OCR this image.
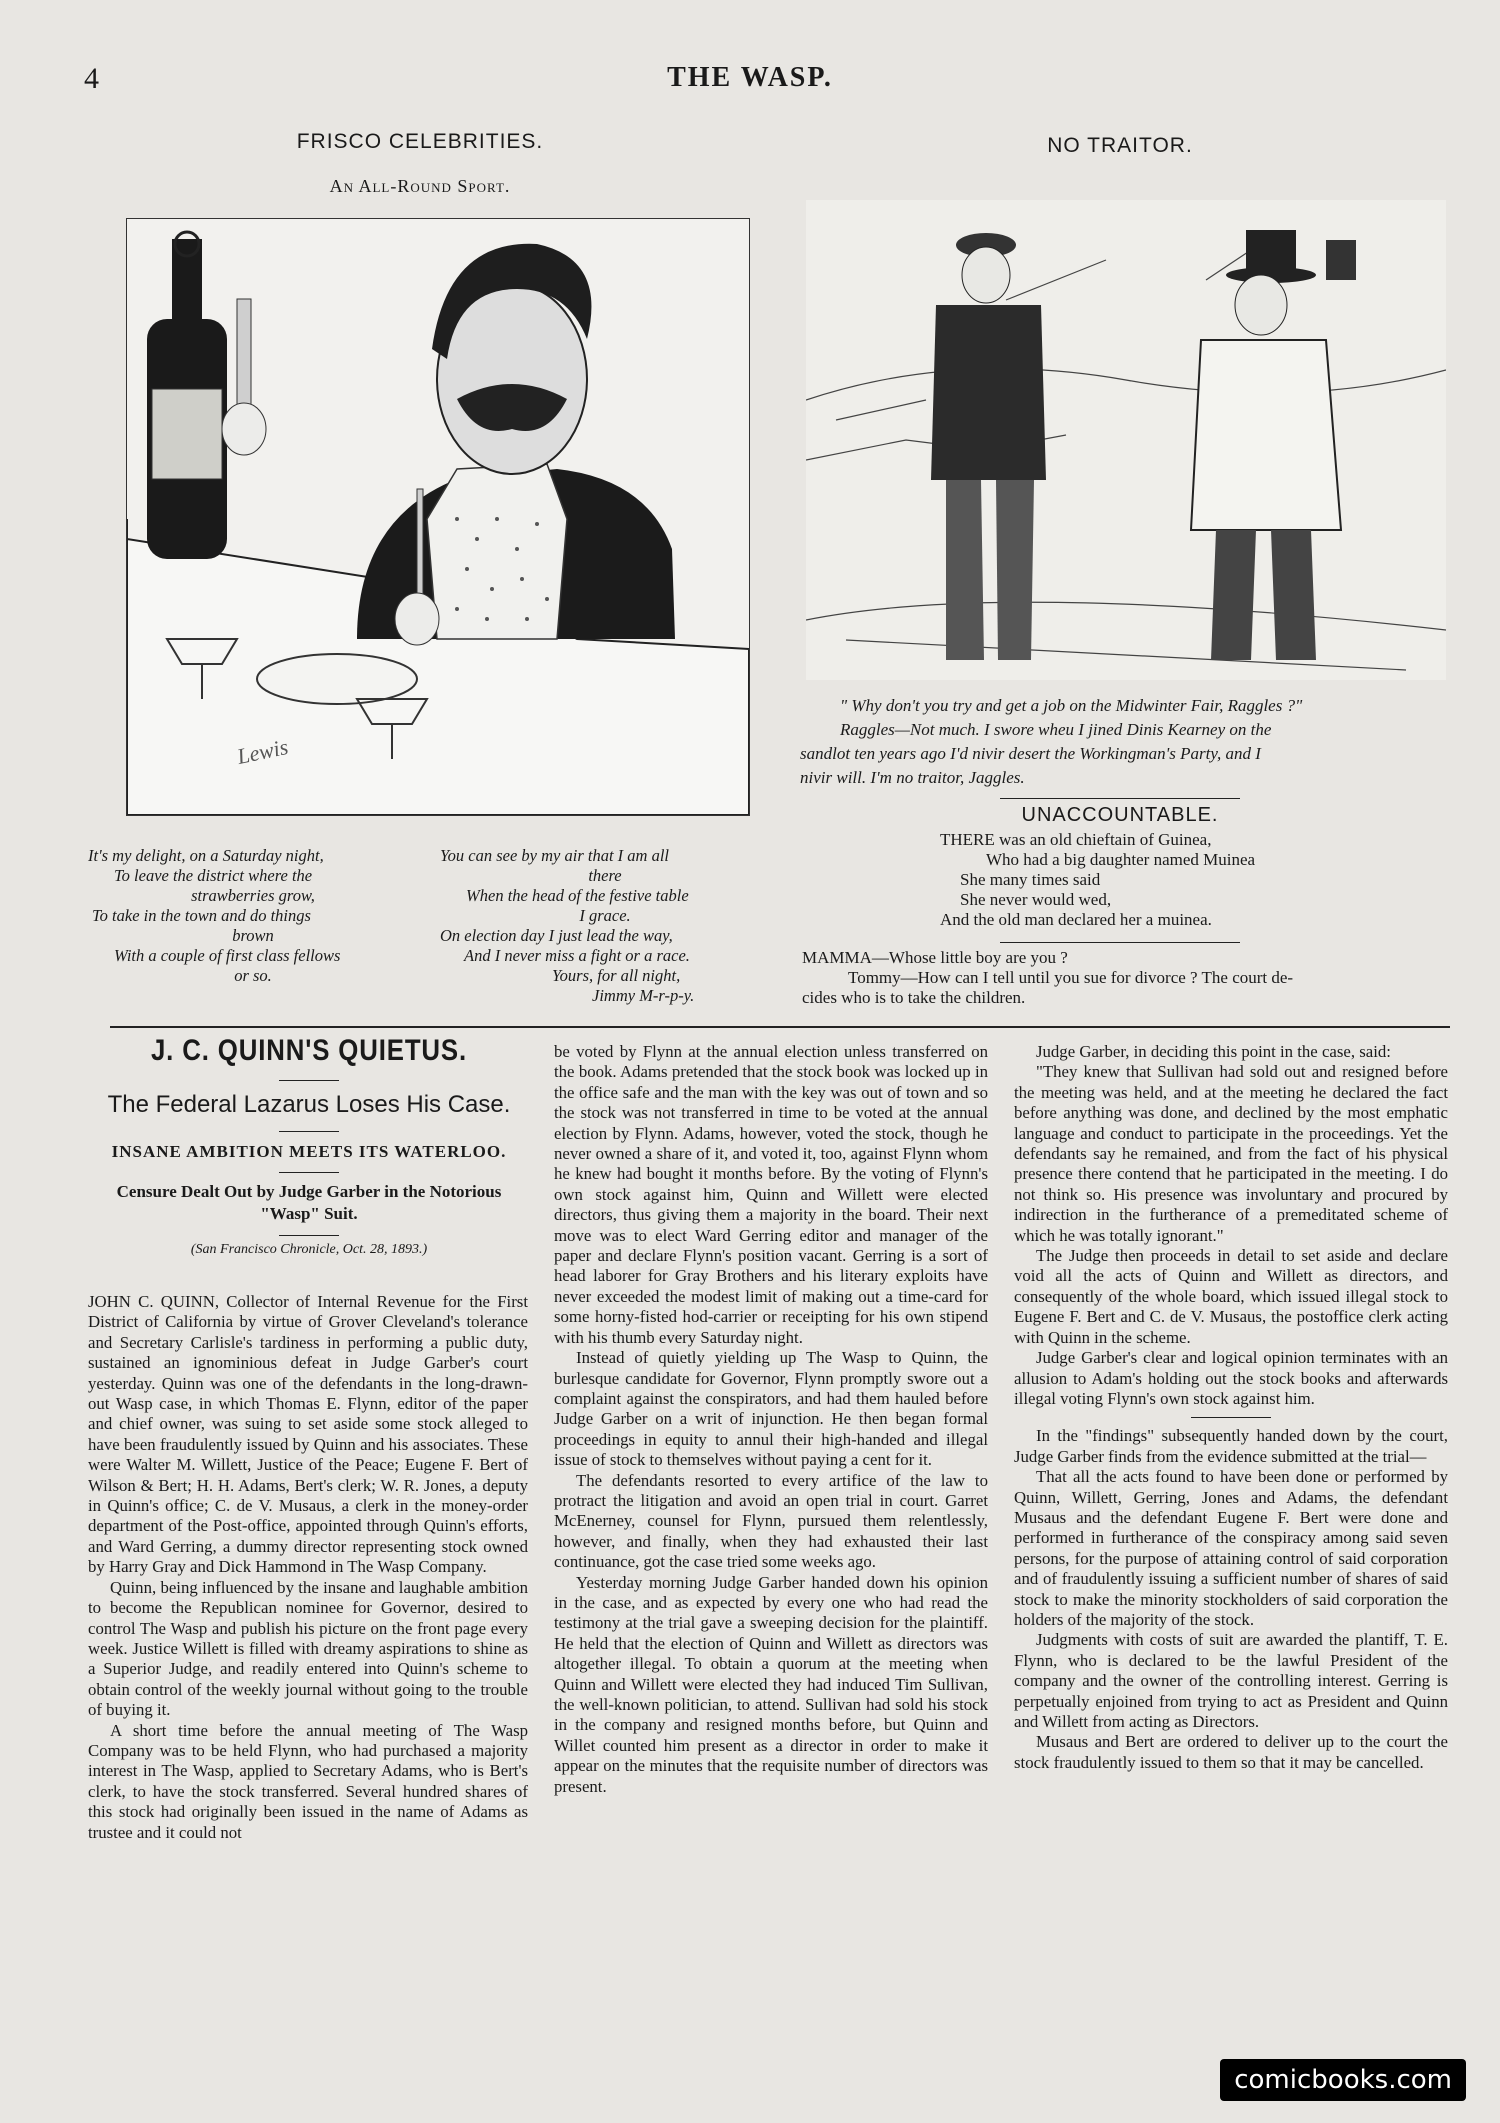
4	THE WASP.
FRISCO CELEBRITIES.
An All-Round Sport.
Lewis

It's my delight, on a Saturday night,

To leave the district where the

strawberries grow,

To take in the town and do things

brown

With a couple of first class fellows

or so.

You can see by my air that I am all

there

When the head of the festive table

I grace.

On election day I just lead the way,

And I never miss a fight or a race.

Yours, for all night,

Jimmy M-r-p-y.

NO TRAITOR.
" Why don't you try and get a job on the Midwinter Fair, Raggles ?"
Raggles—Not much. I swore wheu I jined Dinis Kearney on the
sandlot ten years ago I'd nivir desert the Workingman's Party, and I
nivir will. I'm no traitor, Jaggles.
UNACCOUNTABLE.
THERE was an old chieftain of Guinea,
Who had a big daughter named Muinea
She many times said
She never would wed,
And the old man declared her a muinea.
MAMMA—Whose little boy are you ?
Tommy—How can I tell until you sue for divorce ? The court de-
cides who is to take the children.
J. C. QUINN'S QUIETUS.
The Federal Lazarus Loses His Case.
INSANE AMBITION MEETS ITS WATERLOO.
Censure Dealt Out by Judge Garber in the Notorious "Wasp" Suit.
(San Francisco Chronicle, Oct. 28, 1893.)

JOHN C. QUINN, Collector of Internal Revenue for the First District of California by virtue of Grover Cleveland's tolerance and Secretary Carlisle's tardiness in performing a public duty, sustained an ignominious defeat in Judge Garber's court yesterday. Quinn was one of the defendants in the long-drawn-out Wasp case, in which Thomas E. Flynn, editor of the paper and chief owner, was suing to set aside some stock alleged to have been fraudulently issued by Quinn and his associates. These were Walter M. Willett, Justice of the Peace; Eugene F. Bert of Wilson & Bert; H. H. Adams, Bert's clerk; W. R. Jones, a deputy in Quinn's office; C. de V. Musaus, a clerk in the money-order department of the Post-office, appointed through Quinn's efforts, and Ward Gerring, a dummy director representing stock owned by Harry Gray and Dick Hammond in The Wasp Company.

Quinn, being influenced by the insane and laughable ambition to become the Republican nominee for Governor, desired to control The Wasp and publish his picture on the front page every week. Justice Willett is filled with dreamy aspirations to shine as a Superior Judge, and readily entered into Quinn's scheme to obtain control of the weekly journal without going to the trouble of buying it.

A short time before the annual meeting of The Wasp Company was to be held Flynn, who had purchased a majority interest in The Wasp, applied to Secretary Adams, who is Bert's clerk, to have the stock transferred. Several hundred shares of this stock had originally been issued in the name of Adams as trustee and it could not

be voted by Flynn at the annual election unless transferred on the book. Adams pretended that the stock book was locked up in the office safe and the man with the key was out of town and so the stock was not transferred in time to be voted at the annual election by Flynn. Adams, however, voted the stock, though he never owned a share of it, and voted it, too, against Flynn whom he knew had bought it months before. By the voting of Flynn's own stock against him, Quinn and Willett were elected directors, thus giving them a majority in the board. Their next move was to elect Ward Gerring editor and manager of the paper and declare Flynn's position vacant. Gerring is a sort of head laborer for Gray Brothers and his literary exploits have never exceeded the modest limit of making out a time-card for some horny-fisted hod-carrier or receipting for his own stipend with his thumb every Saturday night.

Instead of quietly yielding up The Wasp to Quinn, the burlesque candidate for Governor, Flynn promptly swore out a complaint against the conspirators, and had them hauled before Judge Garber on a writ of injunction. He then began formal proceedings in equity to annul their high-handed and illegal issue of stock to themselves without paying a cent for it.

The defendants resorted to every artifice of the law to protract the litigation and avoid an open trial in court. Garret McEnerney, counsel for Flynn, pursued them relentlessly, however, and finally, when they had exhausted their last continuance, got the case tried some weeks ago.

Yesterday morning Judge Garber handed down his opinion in the case, and as expected by every one who had read the testimony at the trial gave a sweeping decision for the plaintiff. He held that the election of Quinn and Willett as directors was altogether illegal. To obtain a quorum at the meeting when Quinn and Willett were elected they had induced Tim Sullivan, the well-known politician, to attend. Sullivan had sold his stock in the company and resigned months before, but Quinn and Willet counted him present as a director in order to make it appear on the minutes that the requisite number of directors was present.

Judge Garber, in deciding this point in the case, said:

"They knew that Sullivan had sold out and resigned before the meeting was held, and at the meeting he declared the fact before anything was done, and declined by the most emphatic language and conduct to participate in the proceedings. Yet the defendants say he remained, and from the fact of his physical presence there contend that he participated in the meeting. I do not think so. His presence was involuntary and procured by indirection in the furtherance of a premeditated scheme of which he was totally ignorant."

The Judge then proceeds in detail to set aside and declare void all the acts of Quinn and Willett as directors, and consequently of the whole board, which issued illegal stock to Eugene F. Bert and C. de V. Musaus, the postoffice clerk acting with Quinn in the scheme.

Judge Garber's clear and logical opinion terminates with an allusion to Adam's holding out the stock books and afterwards illegal voting Flynn's own stock against him.

In the "findings" subsequently handed down by the court, Judge Garber finds from the evidence submitted at the trial—

That all the acts found to have been done or performed by Quinn, Willett, Gerring, Jones and Adams, the defendant Musaus and the defendant Eugene F. Bert were done and performed in furtherance of the conspiracy among said seven persons, for the purpose of attaining control of said corporation and of fraudulently issuing a sufficient number of shares of said stock to make the minority stockholders of said corporation the holders of the majority of the stock.

Judgments with costs of suit are awarded the plantiff, T. E. Flynn, who is declared to be the lawful President of the company and the owner of the controlling interest. Gerring is perpetually enjoined from trying to act as President and Quinn and Willett from acting as Directors.

Musaus and Bert are ordered to deliver up to the court the stock fraudulently issued to them so that it may be cancelled.

comicbooks.com
